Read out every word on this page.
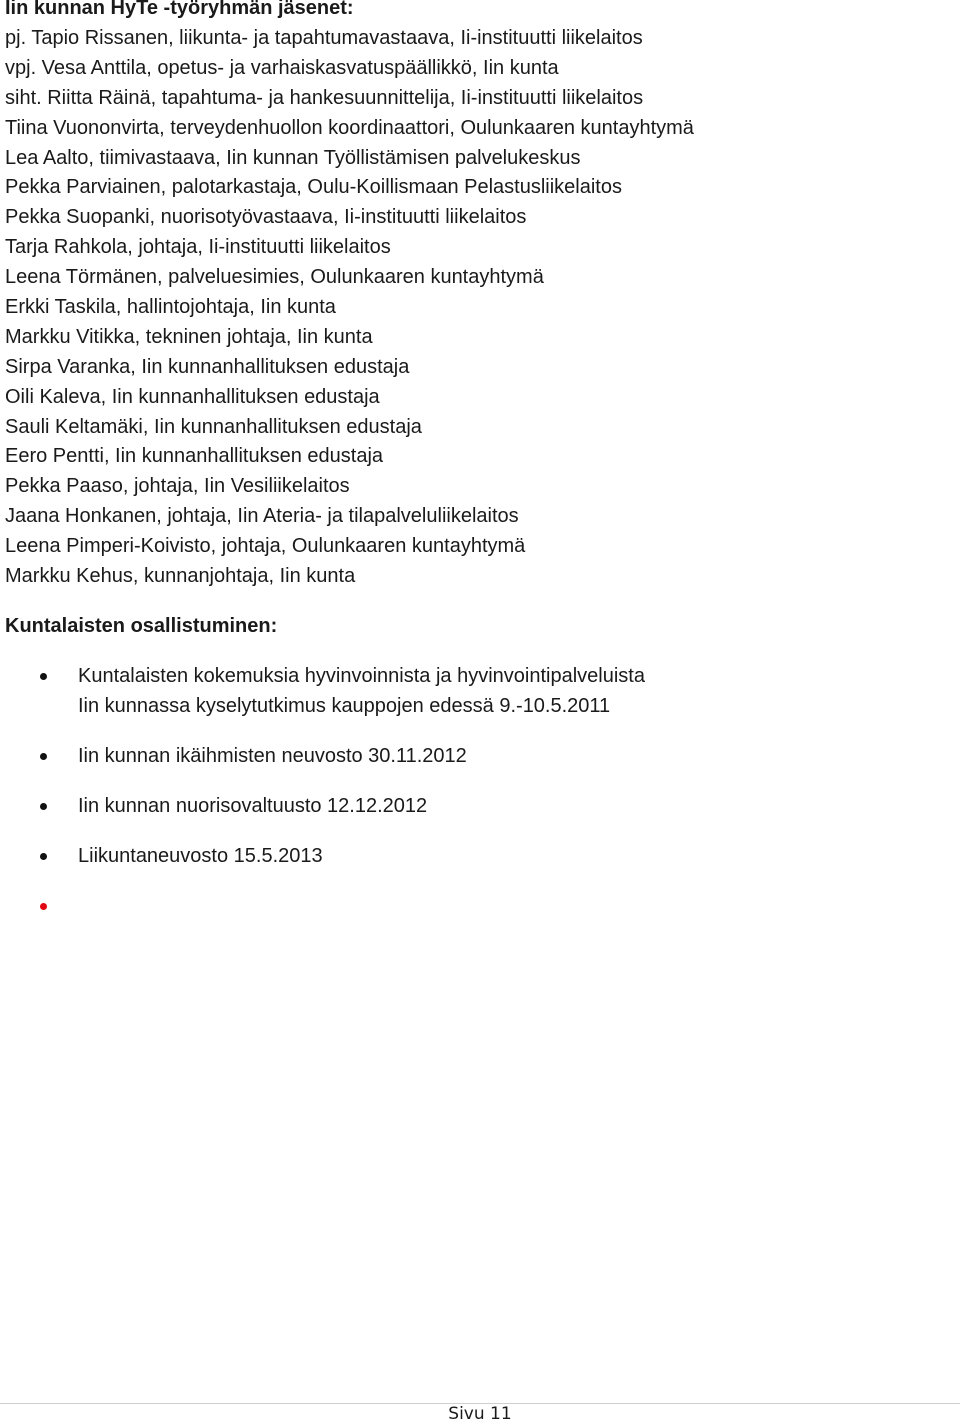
Iin kunnan HyTe -työryhmän jäsenet:
pj. Tapio Rissanen, liikunta- ja tapahtumavastaava, Ii-instituutti liikelaitos
vpj. Vesa Anttila, opetus- ja varhaiskasvatuspäällikkö, Iin kunta
siht. Riitta Räinä, tapahtuma- ja hankesuunnittelija, Ii-instituutti liikelaitos
Tiina Vuononvirta, terveydenhuollon koordinaattori, Oulunkaaren kuntayhtymä
Lea Aalto, tiimivastaava, Iin kunnan Työllistämisen palvelukeskus
Pekka Parviainen, palotarkastaja, Oulu-Koillismaan Pelastusliikelaitos
Pekka Suopanki, nuorisotyövastaava, Ii-instituutti liikelaitos
Tarja Rahkola, johtaja, Ii-instituutti liikelaitos
Leena Törmänen, palveluesimies, Oulunkaaren kuntayhtymä
Erkki Taskila, hallintojohtaja, Iin kunta
Markku Vitikka, tekninen johtaja, Iin kunta
Sirpa Varanka, Iin kunnanhallituksen edustaja
Oili Kaleva, Iin kunnanhallituksen edustaja
Sauli Keltamäki, Iin kunnanhallituksen edustaja
Eero Pentti, Iin kunnanhallituksen edustaja
Pekka Paaso, johtaja, Iin Vesiliikelaitos
Jaana Honkanen, johtaja, Iin Ateria- ja tilapalveluliikelaitos
Leena Pimperi-Koivisto, johtaja, Oulunkaaren kuntayhtymä
Markku Kehus, kunnanjohtaja, Iin kunta
Kuntalaisten osallistuminen:
Kuntalaisten kokemuksia hyvinvoinnista ja hyvinvointipalveluista
Iin kunnassa kyselytutkimus kauppojen edessä 9.-10.5.2011
Iin kunnan ikäihmisten neuvosto 30.11.2012
Iin kunnan nuorisovaltuusto 12.12.2012
Liikuntaneuvosto 15.5.2013

Sivu 11
